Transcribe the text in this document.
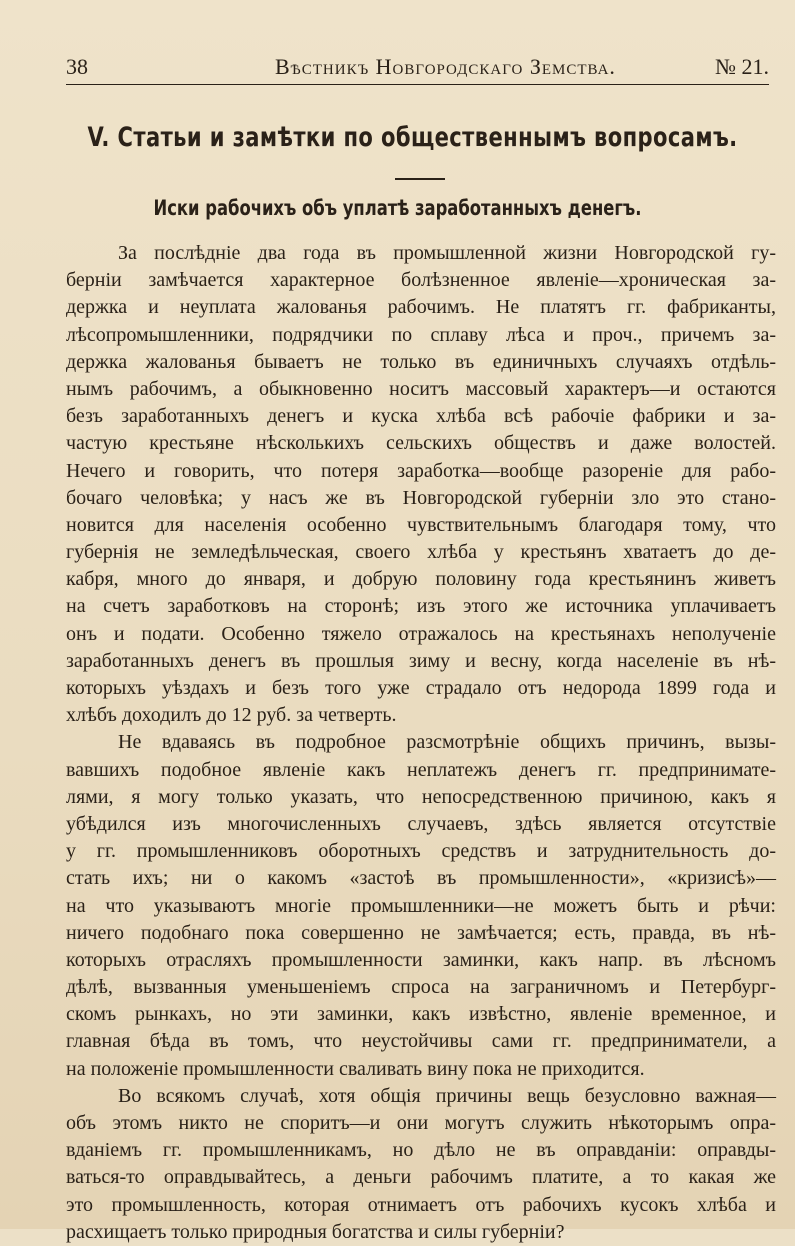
38	Вѣстникъ Новгородскаго Земства.	№ 21.
V. Статьи и замѣтки по общественнымъ вопросамъ.
Иски рабочихъ объ уплатѣ заработанныхъ денегъ.
За послѣдніе два года въ промышленной жизни Новгородской гу-
берніи замѣчается характерное болѣзненное явленіе—хроническая за-
держка и неуплата жалованья рабочимъ. Не платятъ гг. фабриканты,
лѣсопромышленники, подрядчики по сплаву лѣса и проч., причемъ за-
держка жалованья бываетъ не только въ единичныхъ случаяхъ отдѣль-
нымъ рабочимъ, а обыкновенно носитъ массовый характеръ—и остаются
безъ заработанныхъ денегъ и куска хлѣба всѣ рабочіе фабрики и за-
частую крестьяне нѣсколькихъ сельскихъ обществъ и даже волостей.
Нечего и говорить, что потеря заработка—вообще разореніе для рабо-
бочаго человѣка; у насъ же въ Новгородской губерніи зло это стано-
новится для населенія особенно чувствительнымъ благодаря тому, что
губернія не земледѣльческая, своего хлѣба у крестьянъ хватаетъ до де-
кабря, много до января, и добрую половину года крестьянинъ живетъ
на счетъ заработковъ на сторонѣ; изъ этого же источника уплачиваетъ
онъ и подати. Особенно тяжело отражалось на крестьянахъ неполученіе
заработанныхъ денегъ въ прошлыя зиму и весну, когда населеніе въ нѣ-
которыхъ уѣздахъ и безъ того уже страдало отъ недорода 1899 года и
хлѣбъ доходилъ до 12 руб. за четверть.
Не вдаваясь въ подробное разсмотрѣніе общихъ причинъ, вызы-
вавшихъ подобное явленіе какъ неплатежъ денегъ гг. предпринимате-
лями, я могу только указать, что непосредственною причиною, какъ я
убѣдился изъ многочисленныхъ случаевъ, здѣсь является отсутствіе
у гг. промышленниковъ оборотныхъ средствъ и затруднительность до-
стать ихъ; ни о какомъ «застоѣ въ промышленности», «кризисѣ»—
на что указываютъ многіе промышленники—не можетъ быть и рѣчи:
ничего подобнаго пока совершенно не замѣчается; есть, правда, въ нѣ-
которыхъ отрасляхъ промышленности заминки, какъ напр. въ лѣсномъ
дѣлѣ, вызванныя уменьшеніемъ спроса на заграничномъ и Петербург-
скомъ рынкахъ, но эти заминки, какъ извѣстно, явленіе временное, и
главная бѣда въ томъ, что неустойчивы сами гг. предприниматели, а
на положеніе промышленности сваливать вину пока не приходится.
Во всякомъ случаѣ, хотя общія причины вещь безусловно важная—
объ этомъ никто не споритъ—и они могутъ служить нѣкоторымъ опра-
вданіемъ гг. промышленникамъ, но дѣло не въ оправданіи: оправды-
ваться-то оправдывайтесь, а деньги рабочимъ платите, а то какая же
это промышленность, которая отнимаетъ отъ рабочихъ кусокъ хлѣба и
расхищаетъ только природныя богатства и силы губерніи?
